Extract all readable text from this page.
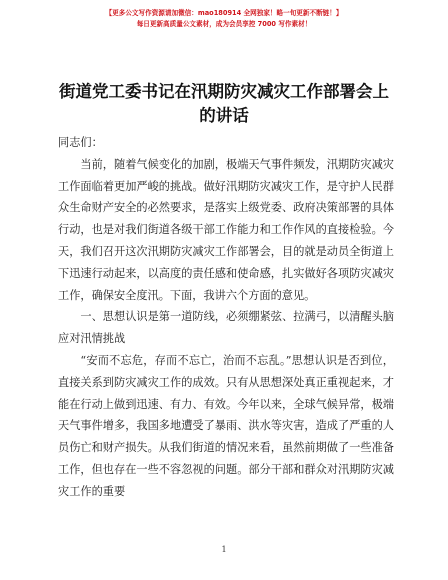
【更多公文写作资源请加微信：mao180914 全网独家！略一旬更新不断链！】
每日更新高质量公文素材，成为会员享控 7000 写作素材！
街道党工委书记在汛期防灾减灾工作部署会上
的讲话

同志们：

当前，随着气候变化的加剧，极端天气事件频发，汛期防灾减灾工作面临着更加严峻的挑战。做好汛期防灾减灾工作，是守护人民群众生命财产安全的必然要求，是落实上级党委、政府决策部署的具体行动，也是对我们街道各级干部工作能力和工作作风的直接检验。今天，我们召开这次汛期防灾减灾工作部署会，目的就是动员全街道上下迅速行动起来，以高度的责任感和使命感，扎实做好各项防灾减灾工作，确保安全度汛。下面，我讲六个方面的意见。

一、思想认识是第一道防线，必须绷紧弦、拉满弓，以清醒头脑应对汛情挑战

“安而不忘危，存而不忘亡，治而不忘乱。”思想认识是否到位，直接关系到防灾减灾工作的成效。只有从思想深处真正重视起来，才能在行动上做到迅速、有力、有效。今年以来，全球气候异常，极端天气事件增多，我国多地遭受了暴雨、洪水等灾害，造成了严重的人员伤亡和财产损失。从我们街道的情况来看，虽然前期做了一些准备工作，但也存在一些不容忽视的问题。部分干部和群众对汛期防灾减灾工作的重要

1
